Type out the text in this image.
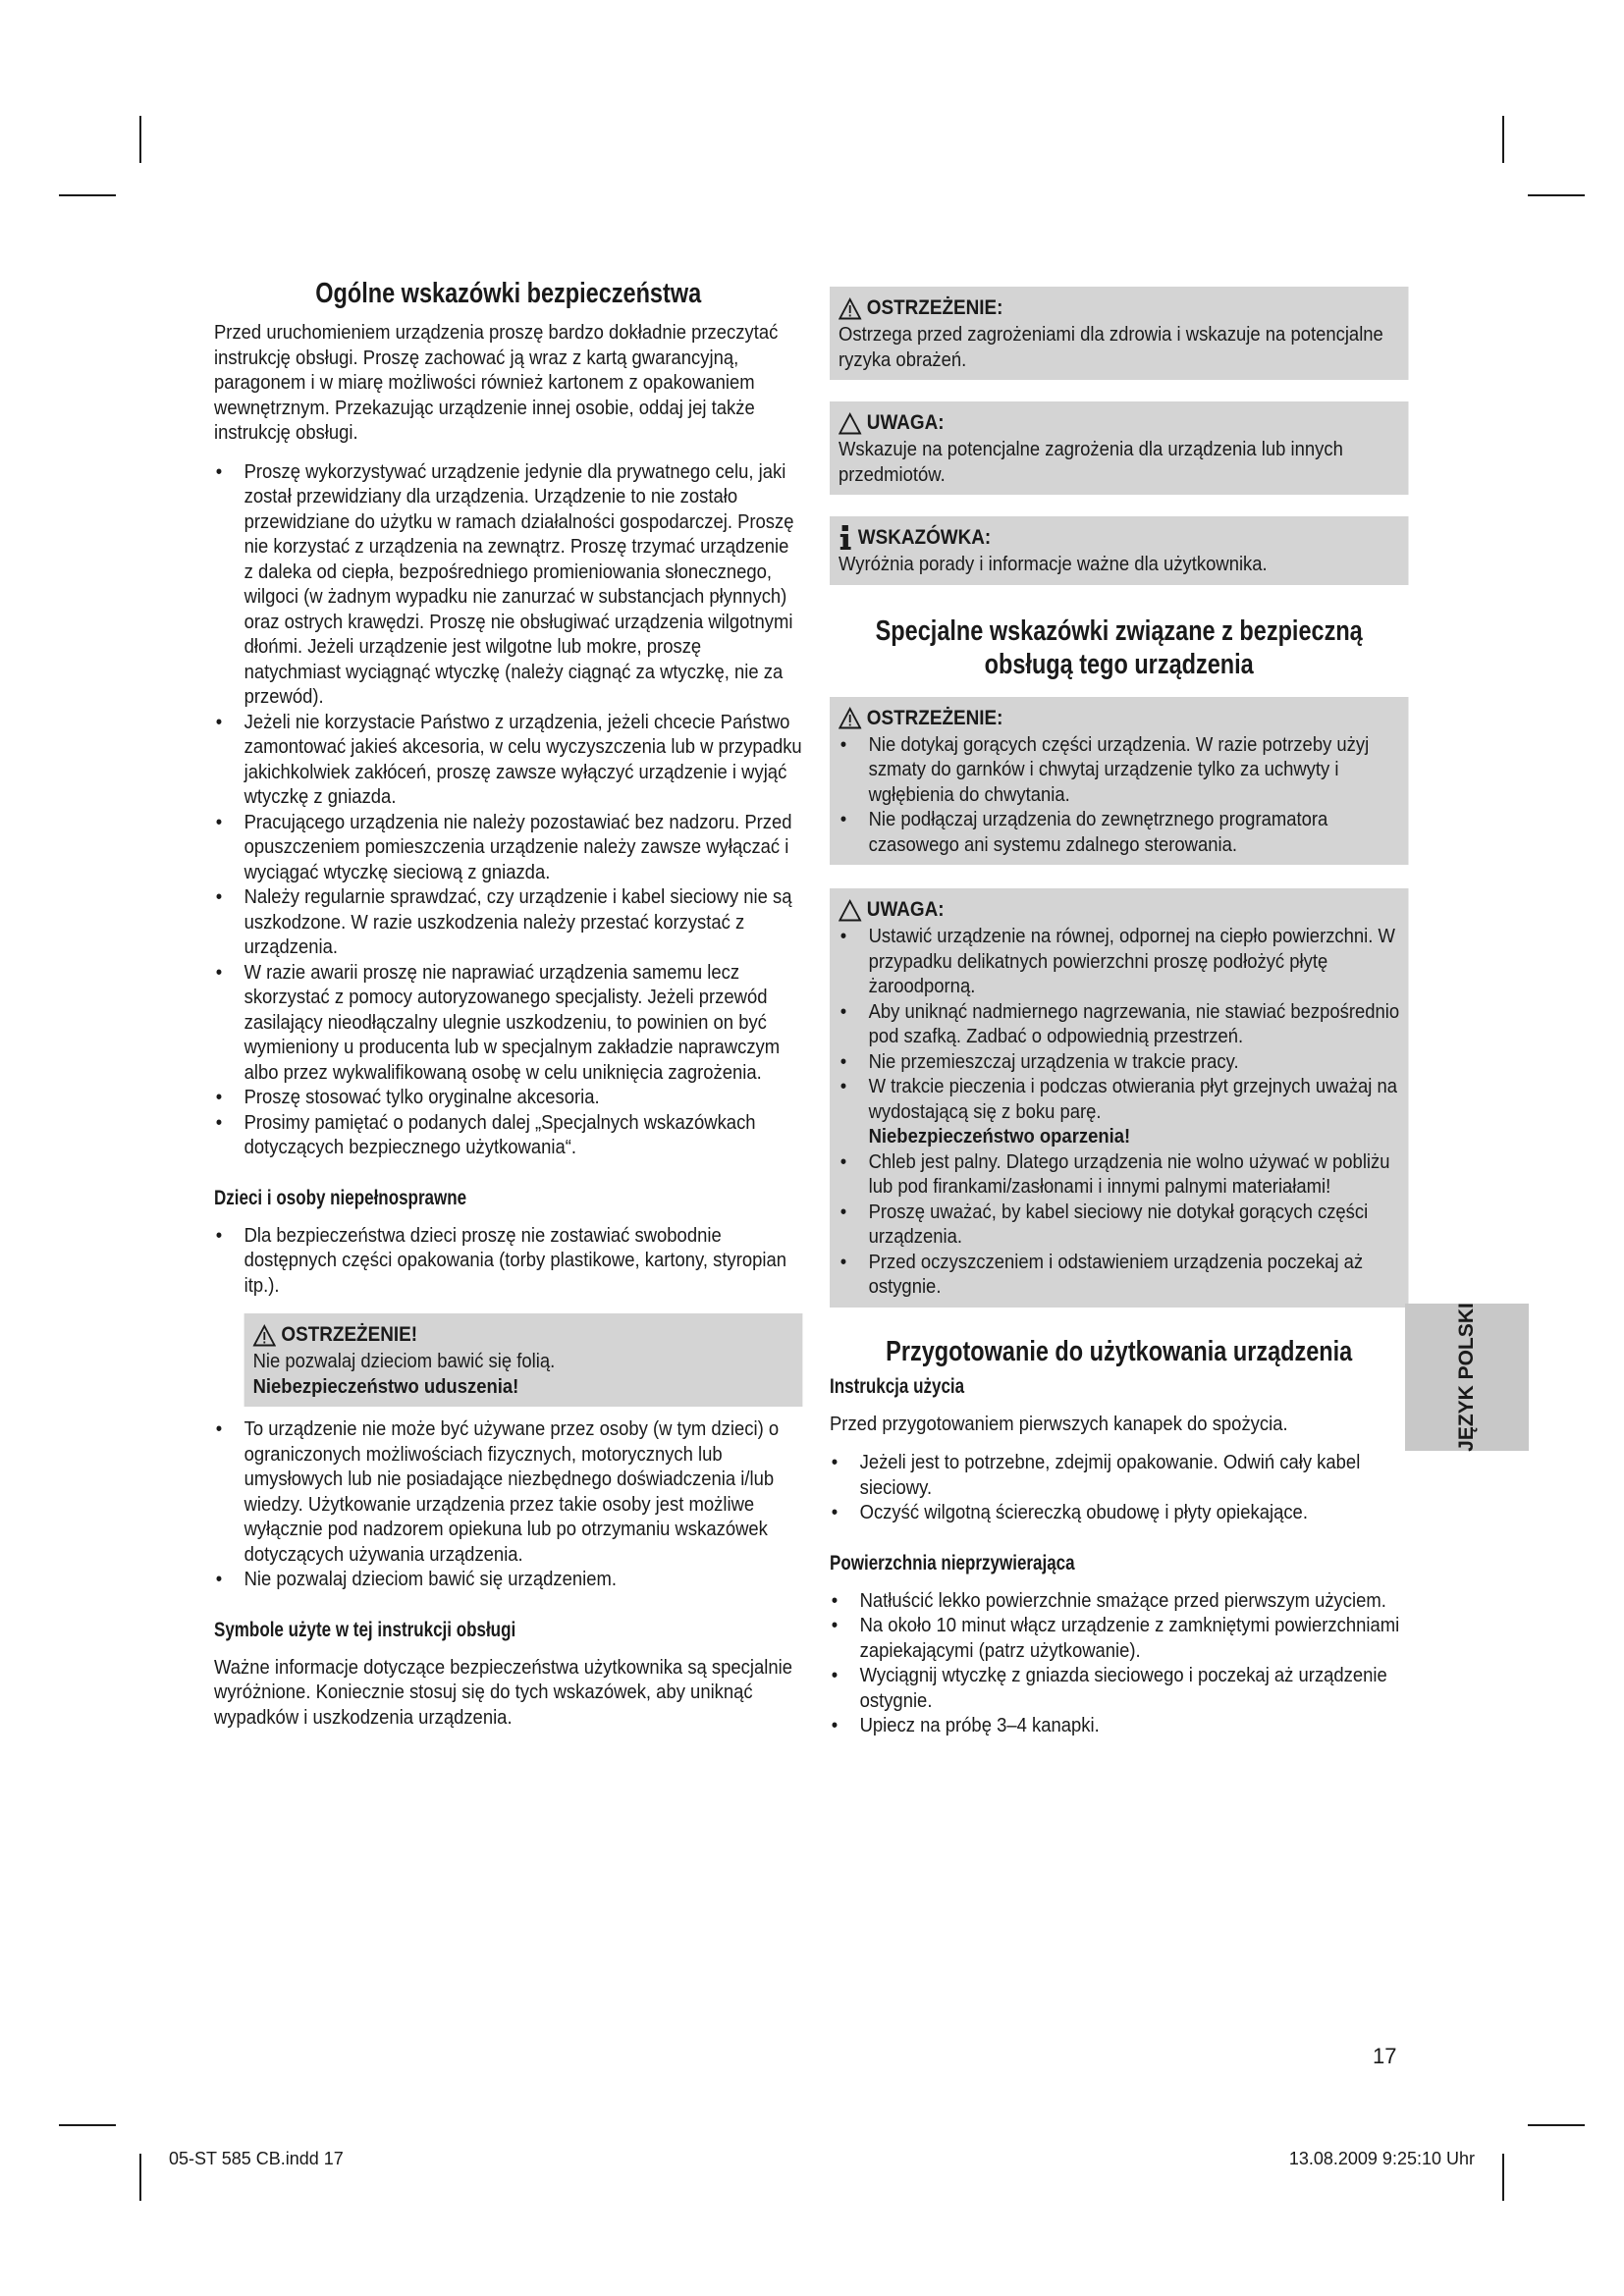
Ogólne wskazówki bezpieczeństwa

Przed uruchomieniem urządzenia proszę bardzo dokładnie przeczytać instrukcję obsługi. Proszę zachować ją wraz z kartą gwarancyjną, paragonem i w miarę możliwości również kartonem z opakowaniem wewnętrznym. Przekazując urządzenie innej osobie, oddaj jej także instrukcję obsługi.

• Proszę wykorzystywać urządzenie jedynie dla prywatnego celu, jaki został przewidziany dla urządzenia. Urządzenie to nie zostało przewidziane do użytku w ramach działalności gospodarczej. Proszę nie korzystać z urządzenia na zewnątrz. Proszę trzymać urządzenie z daleka od ciepła, bezpośredniego promieniowania słonecznego, wilgoci (w żadnym wypadku nie zanurzać w substancjach płynnych) oraz ostrych krawędzi. Proszę nie obsługiwać urządzenia wilgotnymi dłońmi. Jeżeli urządzenie jest wilgotne lub mokre, proszę natychmiast wyciągnąć wtyczkę (należy ciągnąć za wtyczkę, nie za przewód).
• Jeżeli nie korzystacie Państwo z urządzenia, jeżeli chcecie Państwo zamontować jakieś akcesoria, w celu wyczyszczenia lub w przypadku jakichkolwiek zakłóceń, proszę zawsze wyłączyć urządzenie i wyjąć wtyczkę z gniazda.
• Pracującego urządzenia nie należy pozostawiać bez nadzoru. Przed opuszczeniem pomieszczenia urządzenie należy zawsze wyłączać i wyciągać wtyczkę sieciową z gniazda.
• Należy regularnie sprawdzać, czy urządzenie i kabel sieciowy nie są uszkodzone. W razie uszkodzenia należy przestać korzystać z urządzenia.
• W razie awarii proszę nie naprawiać urządzenia samemu lecz skorzystać z pomocy autoryzowanego specjalisty. Jeżeli przewód zasilający nieodłączalny ulegnie uszkodzeniu, to powinien on być wymieniony u producenta lub w specjalnym zakładzie naprawczym albo przez wykwalifikowaną osobę w celu uniknięcia zagrożenia.
• Proszę stosować tylko oryginalne akcesoria.
• Prosimy pamiętać o podanych dalej „Specjalnych wskazówkach dotyczących bezpiecznego użytkowania“.
Dzieci i osoby niepełnosprawne
• Dla bezpieczeństwa dzieci proszę nie zostawiać swobodnie dostępnych części opakowania (torby plastikowe, kartony, styropian itp.).
OSTRZEŻENIE!
Nie pozwalaj dzieciom bawić się folią.
Niebezpieczeństwo uduszenia!
• To urządzenie nie może być używane przez osoby (w tym dzieci) o ograniczonych możliwościach fizycznych, motorycznych lub umysłowych lub nie posiadające niezbędnego doświadczenia i/lub wiedzy. Użytkowanie urządzenia przez takie osoby jest możliwe wyłącznie pod nadzorem opiekuna lub po otrzymaniu wskazówek dotyczących używania urządzenia.
• Nie pozwalaj dzieciom bawić się urządzeniem.
Symbole użyte w tej instrukcji obsługi

Ważne informacje dotyczące bezpieczeństwa użytkownika są specjalnie wyróżnione. Koniecznie stosuj się do tych wskazówek, aby uniknąć wypadków i uszkodzenia urządzenia.

OSTRZEŻENIE:
Ostrzega przed zagrożeniami dla zdrowia i wskazuje na potencjalne ryzyka obrażeń.
UWAGA:
Wskazuje na potencjalne zagrożenia dla urządzenia lub innych przedmiotów.
WSKAZÓWKA:
Wyróżnia porady i informacje ważne dla użytkownika.
Specjalne wskazówki związane z bezpieczną obsługą tego urządzenia
OSTRZEŻENIE:
• Nie dotykaj gorących części urządzenia. W razie potrzeby użyj szmaty do garnków i chwytaj urządzenie tylko za uchwyty i wgłębienia do chwytania.
• Nie podłączaj urządzenia do zewnętrznego programatora czasowego ani systemu zdalnego sterowania.
UWAGA:
• Ustawić urządzenie na równej, odpornej na ciepło powierzchni. W przypadku delikatnych powierzchni proszę podłożyć płytę żaroodporną.
• Aby uniknąć nadmiernego nagrzewania, nie stawiać bezpośrednio pod szafką. Zadbać o odpowiednią przestrzeń.
• Nie przemieszczaj urządzenia w trakcie pracy.
• W trakcie pieczenia i podczas otwierania płyt grzejnych uważaj na wydostającą się z boku parę.
Niebezpieczeństwo oparzenia!
• Chleb jest palny. Dlatego urządzenia nie wolno używać w pobliżu lub pod firankami/zasłonami i innymi palnymi materiałami!
• Proszę uważać, by kabel sieciowy nie dotykał gorących części urządzenia.
• Przed oczyszczeniem i odstawieniem urządzenia poczekaj aż ostygnie.
Przygotowanie do użytkowania urządzenia
Instrukcja użycia

Przed przygotowaniem pierwszych kanapek do spożycia.

• Jeżeli jest to potrzebne, zdejmij opakowanie. Odwiń cały kabel sieciowy.
• Oczyść wilgotną ściereczką obudowę i płyty opiekające.
Powierzchnia nieprzywierająca
• Natłuścić lekko powierzchnie smażące przed pierwszym użyciem.
• Na około 10 minut włącz urządzenie z zamkniętymi powierzchniami zapiekającymi (patrz użytkowanie).
• Wyciągnij wtyczkę z gniazda sieciowego i poczekaj aż urządzenie ostygnie.
• Upiecz na próbę 3–4 kanapki.
JĘZYK POLSKI
17
05-ST 585 CB.indd 17	13.08.2009 9:25:10 Uhr
